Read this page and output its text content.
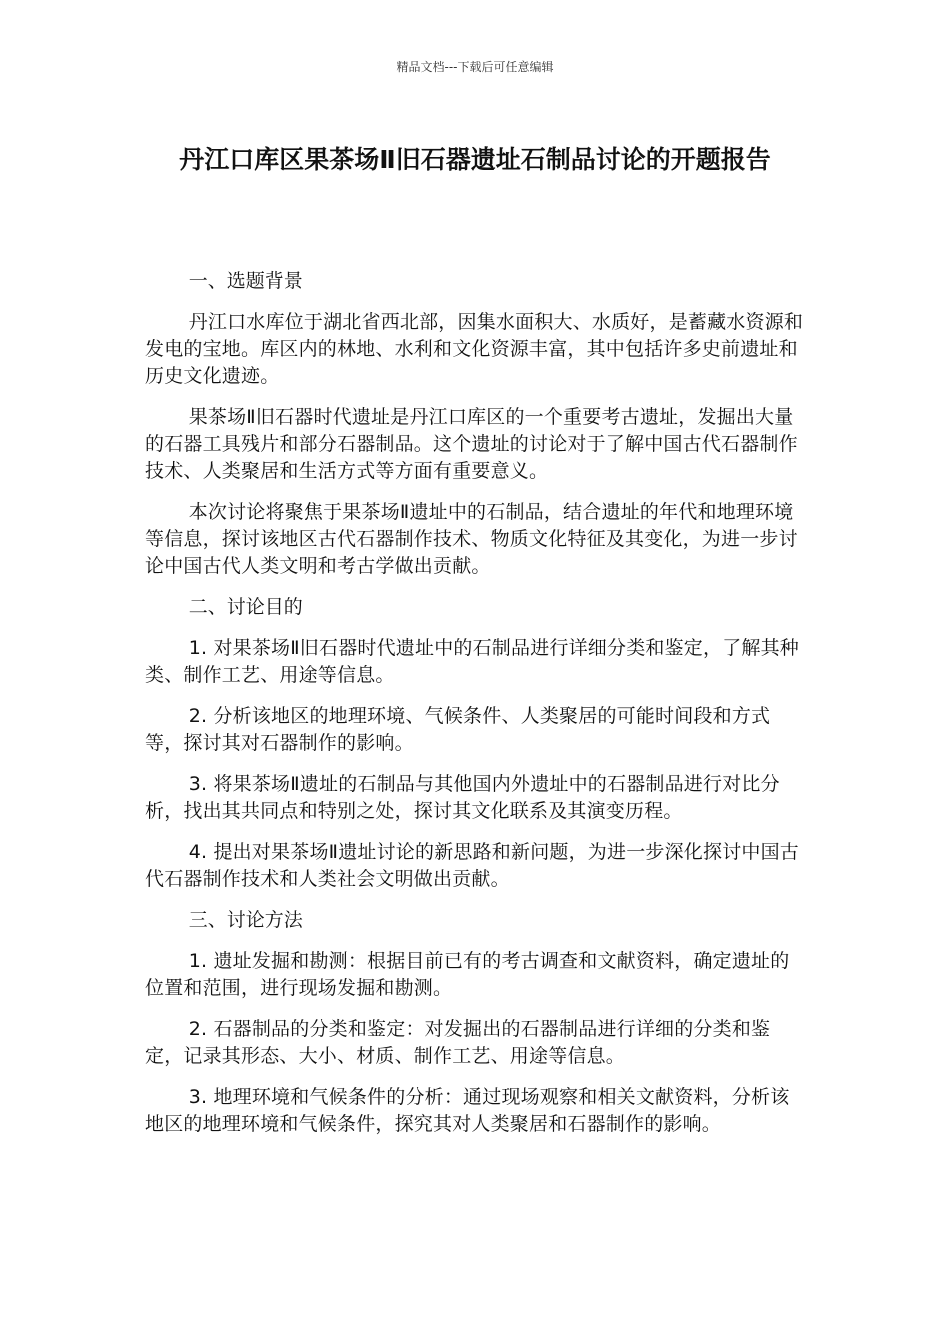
精品文档---下载后可任意编辑
丹江口库区果茶场Ⅱ旧石器遗址石制品讨论的开题报告

一、选题背景

丹江口水库位于湖北省西北部，因集水面积大、水质好，是蓄藏水资源和发电的宝地。库区内的林地、水利和文化资源丰富，其中包括许多史前遗址和历史文化遗迹。

果茶场Ⅱ旧石器时代遗址是丹江口库区的一个重要考古遗址，发掘出大量的石器工具残片和部分石器制品。这个遗址的讨论对于了解中国古代石器制作技术、人类聚居和生活方式等方面有重要意义。

本次讨论将聚焦于果茶场Ⅱ遗址中的石制品，结合遗址的年代和地理环境等信息，探讨该地区古代石器制作技术、物质文化特征及其变化，为进一步讨论中国古代人类文明和考古学做出贡献。

二、讨论目的

1. 对果茶场Ⅱ旧石器时代遗址中的石制品进行详细分类和鉴定，了解其种类、制作工艺、用途等信息。

2. 分析该地区的地理环境、气候条件、人类聚居的可能时间段和方式等，探讨其对石器制作的影响。

3. 将果茶场Ⅱ遗址的石制品与其他国内外遗址中的石器制品进行对比分析，找出其共同点和特别之处，探讨其文化联系及其演变历程。

4. 提出对果茶场Ⅱ遗址讨论的新思路和新问题，为进一步深化探讨中国古代石器制作技术和人类社会文明做出贡献。

三、讨论方法

1. 遗址发掘和勘测：根据目前已有的考古调查和文献资料，确定遗址的位置和范围，进行现场发掘和勘测。

2. 石器制品的分类和鉴定：对发掘出的石器制品进行详细的分类和鉴定，记录其形态、大小、材质、制作工艺、用途等信息。

3. 地理环境和气候条件的分析：通过现场观察和相关文献资料，分析该地区的地理环境和气候条件，探究其对人类聚居和石器制作的影响。
